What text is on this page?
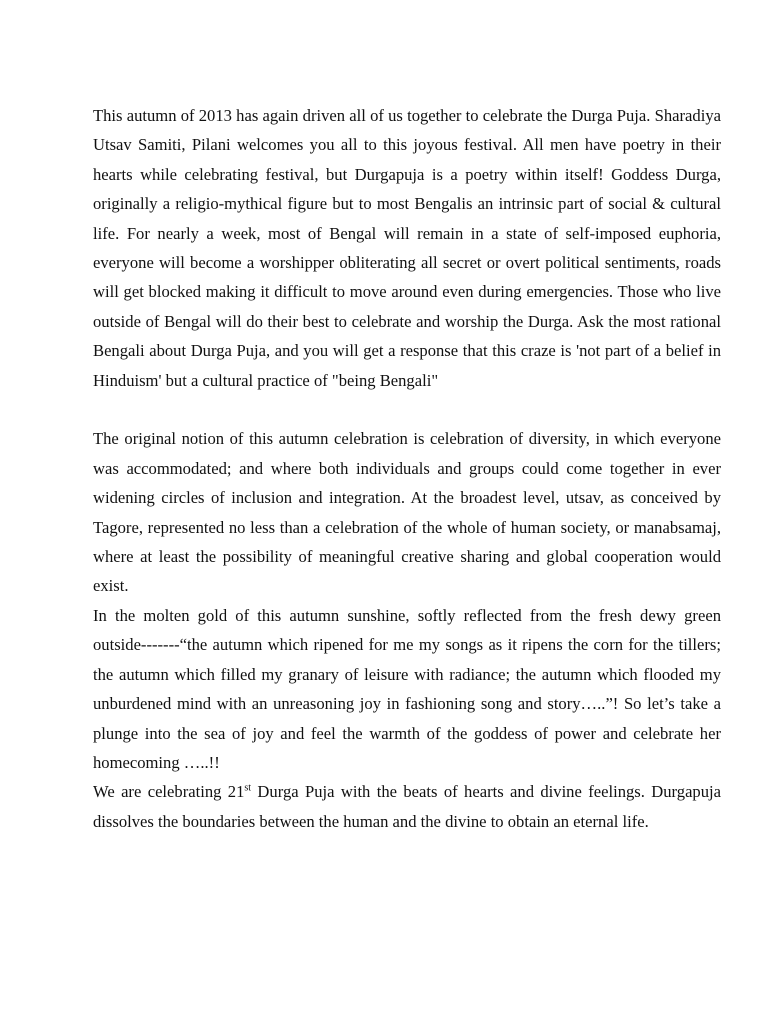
This autumn of 2013 has again driven all of us together to celebrate the Durga Puja. Sharadiya Utsav Samiti, Pilani welcomes you all to this joyous festival. All men have poetry in their hearts while celebrating festival, but Durgapuja is a poetry within itself! Goddess Durga, originally a religio-mythical figure but to most Bengalis an intrinsic part of social & cultural life. For nearly a week, most of Bengal will remain in a state of self-imposed euphoria, everyone will become a worshipper obliterating all secret or overt political sentiments, roads will get blocked making it difficult to move around even during emergencies. Those who live outside of Bengal will do their best to celebrate and worship the Durga. Ask the most rational Bengali about Durga Puja, and you will get a response that this craze is 'not part of a belief in Hinduism' but a cultural practice of "being Bengali"

The original notion of this autumn celebration is celebration of diversity, in which everyone was accommodated; and where both individuals and groups could come together in ever widening circles of inclusion and integration. At the broadest level, utsav, as conceived by Tagore, represented no less than a celebration of the whole of human society, or manabsamaj, where at least the possibility of meaningful creative sharing and global cooperation would exist.

In the molten gold of this autumn sunshine, softly reflected from the fresh dewy green outside-------“the autumn which ripened for me my songs as it ripens the corn for the tillers; the autumn which filled my granary of leisure with radiance; the autumn which flooded my unburdened mind with an unreasoning joy in fashioning song and story…..”! So let’s take a plunge into the sea of joy and feel the warmth of the goddess of power and celebrate her homecoming …..!!

We are celebrating 21st Durga Puja with the beats of hearts and divine feelings. Durgapuja dissolves the boundaries between the human and the divine to obtain an eternal life.
